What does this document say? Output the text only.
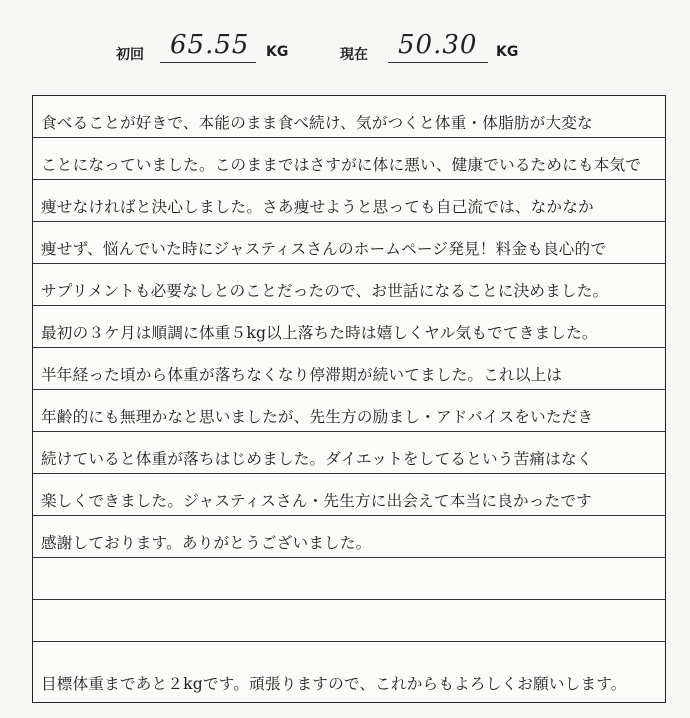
初回 65.55 KG	現在 50.30 KG
食べることが好きで、本能のまま食べ続け、気がつくと体重・体脂肪が大変な
ことになっていました。このままではさすがに体に悪い、健康でいるためにも本気で
痩せなければと決心しました。さあ痩せようと思っても自己流では、なかなか
痩せず、悩んでいた時にジャスティスさんのホームページ発見！料金も良心的で
サプリメントも必要なしとのことだったので、お世話になることに決めました。
最初の３ケ月は順調に体重５kg以上落ちた時は嬉しくヤル気もでてきました。
半年経った頃から体重が落ちなくなり停滞期が続いてました。これ以上は
年齢的にも無理かなと思いましたが、先生方の励まし・アドバイスをいただき
続けていると体重が落ちはじめました。ダイエットをしてるという苦痛はなく
楽しくできました。ジャスティスさん・先生方に出会えて本当に良かったです
感謝しております。ありがとうございました。
目標体重まであと２kgです。頑張りますので、これからもよろしくお願いします。
